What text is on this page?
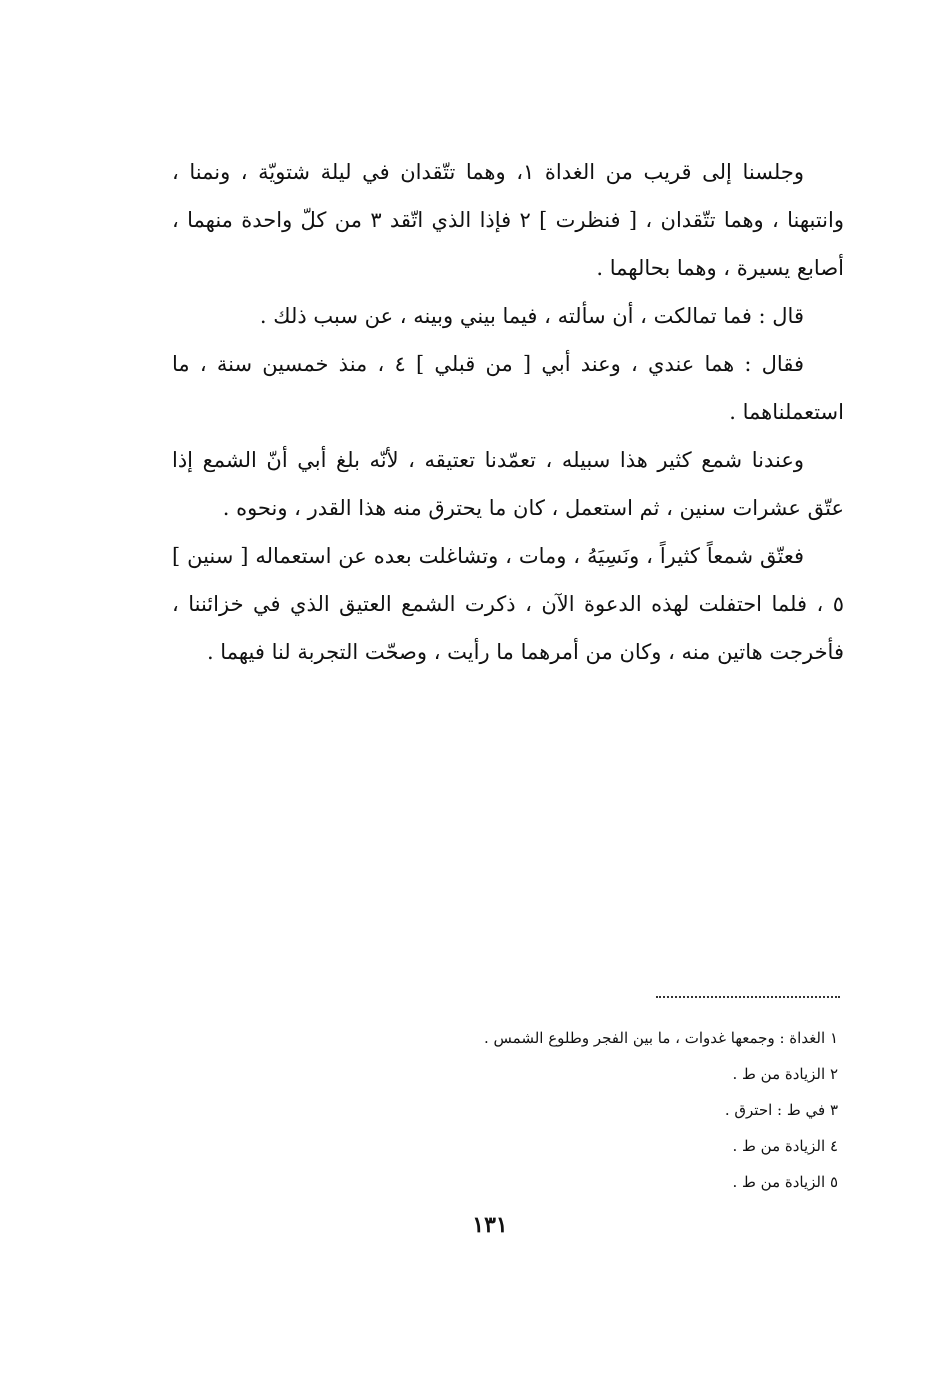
وجلسنا إلى قريب من الغداة ١، وهما تتّقدان في ليلة شتويّة ، ونمنا ، وانتبهنا ، وهما تتّقدان ، [ فنظرت ] ٢ فإذا الذي اتّقد ٣ من كلّ واحدة منهما ، أصابع يسيرة ، وهما بحالهما .

قال : فما تمالكت ، أن سألته ، فيما بيني وبينه ، عن سبب ذلك .

فقال : هما عندي ، وعند أبي [ من قبلي ] ٤ ، منذ خمسين سنة ، ما استعملناهما .

وعندنا شمع كثير هذا سبيله ، تعمّدنا تعتيقه ، لأنّه بلغ أبي أنّ الشمع إذا عتّق عشرات سنين ، ثم استعمل ، كان ما يحترق منه هذا القدر ، ونحوه .

فعتّق شمعاً كثيراً ، ونَسِيَهُ ، ومات ، وتشاغلت بعده عن استعماله [ سنين ] ٥ ، فلما احتفلت لهذه الدعوة الآن ، ذكرت الشمع العتيق الذي في خزائننا ، فأخرجت هاتين منه ، وكان من أمرهما ما رأيت ، وصحّت التجربة لنا فيهما .

١ الغداة : وجمعها غدوات ، ما بين الفجر وطلوع الشمس .

٢ الزيادة من ط .

٣ في ط : احترق .

٤ الزيادة من ط .

٥ الزيادة من ط .

١٣١
